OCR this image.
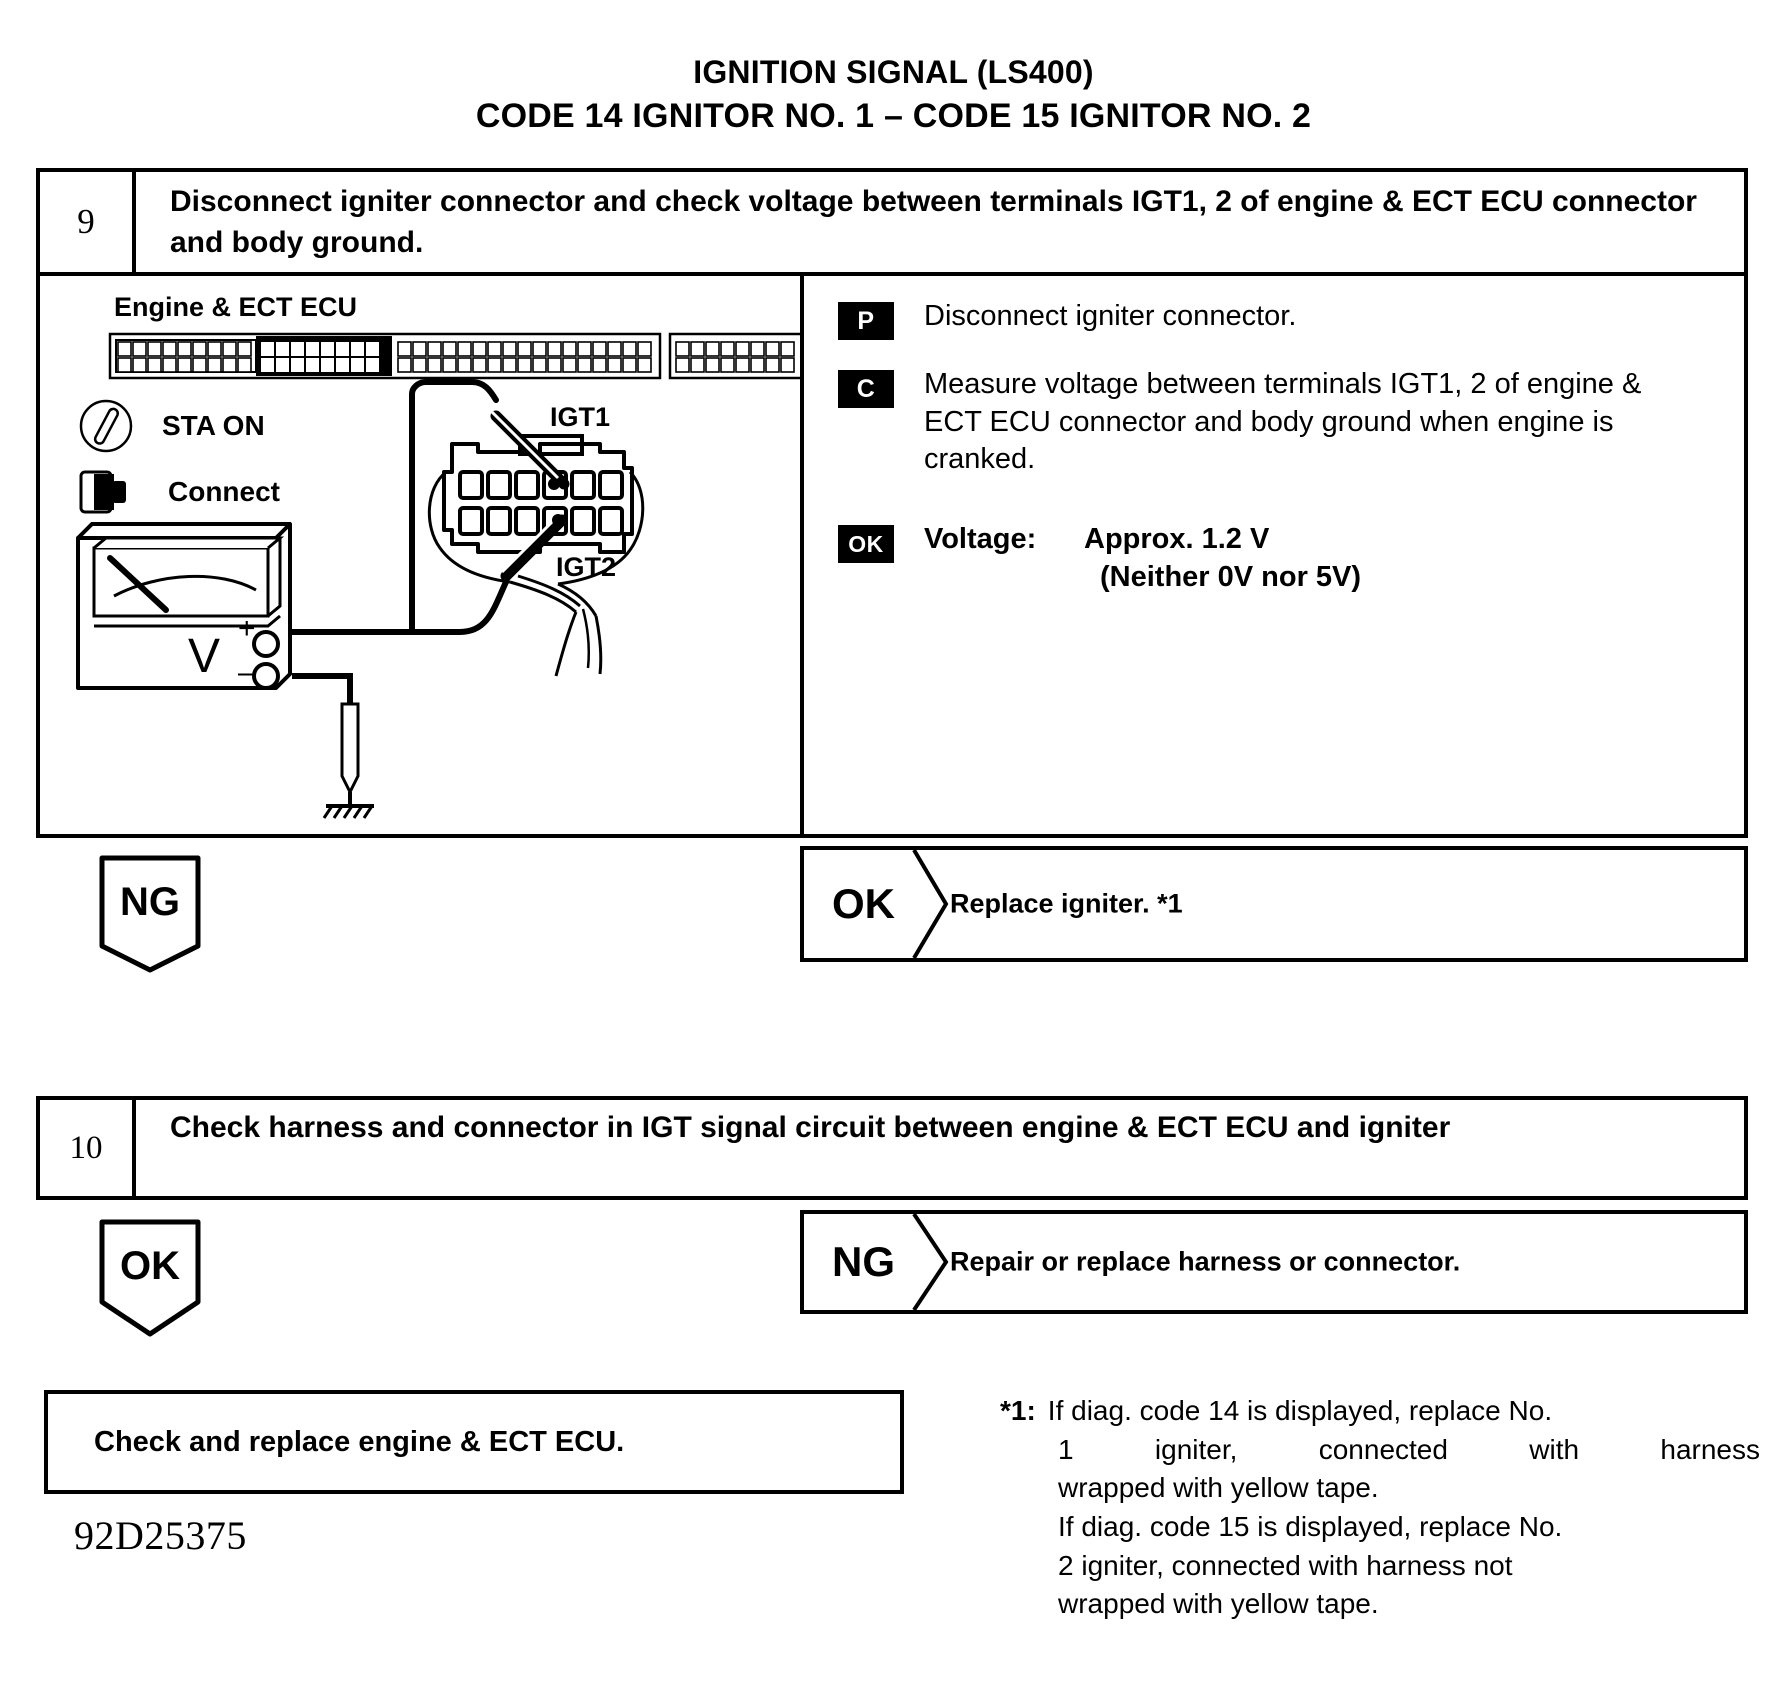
IGNITION SIGNAL (LS400)
CODE 14 IGNITOR NO. 1 – CODE 15 IGNITOR NO. 2
9
Disconnect igniter connector and check voltage between terminals IGT1, 2 of engine & ECT ECU connector and body ground.
Engine & ECT ECU
V
+
–
IGT1
IGT2
STA ON
Connect
P	Disconnect igniter connector.
C	Measure voltage between terminals IGT1, 2 of engine & ECT ECU connector and body ground when engine is cranked.
OK	Voltage: Approx. 1.2 V
(Neither 0V nor 5V)
NG	OK Replace igniter. *1
10
Check harness and connector in IGT signal circuit between engine & ECT ECU and igniter
OK	NG Repair or replace harness or connector.
Check and replace engine & ECT ECU.
92D25375
*1: If diag. code 14 is displayed, replace No.
1 igniter, connected with harness
wrapped with yellow tape.
If diag. code 15 is displayed, replace No.
2 igniter, connected with harness not
wrapped with yellow tape.
